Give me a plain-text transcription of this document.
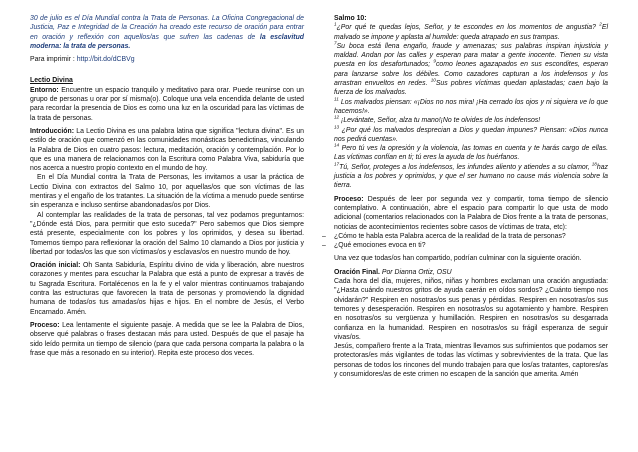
30 de julio es el Día Mundial contra la Trata de Personas. La Oficina Congregacional de Justicia, Paz e Integridad de la Creación ha creado este recurso de oración para entrar en oración y reflexión con aquellos/as que sufren las cadenas de la esclavitud moderna: la trata de personas.

Para imprimir : http://bit.do/dCBVg

Lectio Divina

Entorno: Encuentre un espacio tranquilo y meditativo para orar. Puede reunirse con un grupo de personas u orar por sí misma(o). Coloque una vela encendida delante de usted para recordar la presencia de Dios es como una luz en la oscuridad para las víctimas de la trata de personas.

Introducción: La Lectio Divina es una palabra latina que significa "lectura divina". Es un estilo de oración que comenzó en las comunidades monásticas benedictinas, vinculando la Palabra de Dios en cuatro pasos: lectura, meditación, oración y contemplación. Por lo que es una manera de relacionarnos con la Escritura como Palabra Viva, sabiduría que nos acerca a nuestro propio contexto en el mundo de hoy.

En el Día Mundial contra la Trata de Personas, les invitamos a usar la práctica de Lectio Divina con extractos del Salmo 10, por aquellas/os que son víctimas de las mentiras y el engaño de los tratantes. La situación de la víctima a menudo puede sentirse sin esperanza e incluso sentirse abandonadas/os por Dios.

Al contemplar las realidades de la trata de personas, tal vez podamos preguntarnos: "¿Dónde está Dios, para permitir que esto suceda?" Pero sabemos que Dios siempre está presente, especialmente con los pobres y los oprimidos, y desea su libertad. Tomemos tiempo para reflexionar la oración del Salmo 10 clamando a Dios por justicia y libertad por todas/os las que son víctimas/os y esclavas/os en nuestro mundo de hoy.

Oración inicial: Oh Santa Sabiduría, Espíritu divino de vida y liberación, abre nuestros corazones y mentes para escuchar la Palabra que está a punto de expresar a través de tu Sagrada Escritura. Fortalécenos en la fe y el valor mientras continuamos trabajando contra las estructuras que favorecen la trata de personas y promoviendo la dignidad humana de todas/os tus amadas/os hijas e hijos. En el nombre de Jesús, el Verbo Encarnado. Amén.

Proceso: Lea lentamente el siguiente pasaje. A medida que se lee la Palabra de Dios, observe qué palabras o frases destacan más para usted. Después de que el pasaje ha sido leído permita un tiempo de silencio (para que cada persona comparta la palabra o la frase que más a resonado en su interior). Repita este proceso dos veces.

Salmo 10:

$^1$¿Por qué te quedas lejos, Señor, y te escondes en los momentos de angustia? $^2$El malvado se impone y aplasta al humilde: queda atrapado en sus trampas.
$^7$Su boca está llena engaño, fraude y amenazas; sus palabras inspiran injusticia y maldad. Andan por las calles y esperan para matar a gente inocente. Tienen su vista puesta en los desafortunados; $^9$como leones agazapados en sus escondites, esperan para lanzarse sobre los débiles. Como cazadores capturan a los indefensos y los arrastran envueltos en redes. $^{10}$Sus pobres víctimas quedan aplastadas; caen bajo la fuerza de los malvados.
$^{11}$ Los malvados piensan: «¡Dios no nos mira! ¡Ha cerrado los ojos y ni siquiera ve lo que hacemos!».
$^{12}$ ¡Levántate, Señor, alza tu mano!¡No te olvides de los indefensos!
$^{13}$ ¿Por qué los malvados desprecian a Dios y quedan impunes? Piensan: «Dios nunca nos pedirá cuentas».
$^{14}$ Pero tú ves la opresión y la violencia, las tomas en cuenta y te harás cargo de ellas. Las víctimas confían en ti; tú eres la ayuda de los huérfanos.
$^{17}$Tú, Señor, proteges a los indefensos, les infundes aliento y atiendes a su clamor, $^{18}$haz justicia a los pobres y oprimidos, y que el ser humano no cause más violencia sobre la tierra.

Proceso: Después de leer por segunda vez y compartir, toma tiempo de silencio contemplativo. A continuación, abre el espacio para compartir lo que usta de modo adicional (comentarios relacionados con la Palabra de Dios frente a la trata de personas, noticias de acontecimientos recientes sobre casos de víctimas de trata, etc):

–	¿Cómo te habla esta Palabra acerca de la realidad de la trata de personas?
–	¿Qué emociones evoca en ti?

Una vez que todas/os han compartido, podrían culminar con la siguiente oración.

Oración Final. Por Dianna Ortiz, OSU

Cada hora del día, mujeres, niños, niñas y hombres exclaman una oración angustiada: "¿Hasta cuándo nuestros gritos de ayuda caerán en oídos sordos? ¿Cuánto tiempo nos olvidarán?" Respiren en nosotras/os sus penas y pérdidas. Respiren en nosotras/os sus temores y desesperación. Respiren en nosotras/os su agotamiento y hambre. Respiren en nosotras/os su vergüenza y humillación. Respiren en nosotras/os su desgarrada confianza en la humanidad. Respiren en nosotras/os su frágil esperanza de seguir vivas/os.

Jesús, compañero frente a la Trata, mientras llevamos sus sufrimientos que podamos ser protectoras/es más vigilantes de todas las víctimas y sobrevivientes de la trata. Que las personas de todos los rincones del mundo trabajen para que los/as tratantes, captores/as y consumidores/as de este crimen no escapen de la sanción que amerita. Amén
